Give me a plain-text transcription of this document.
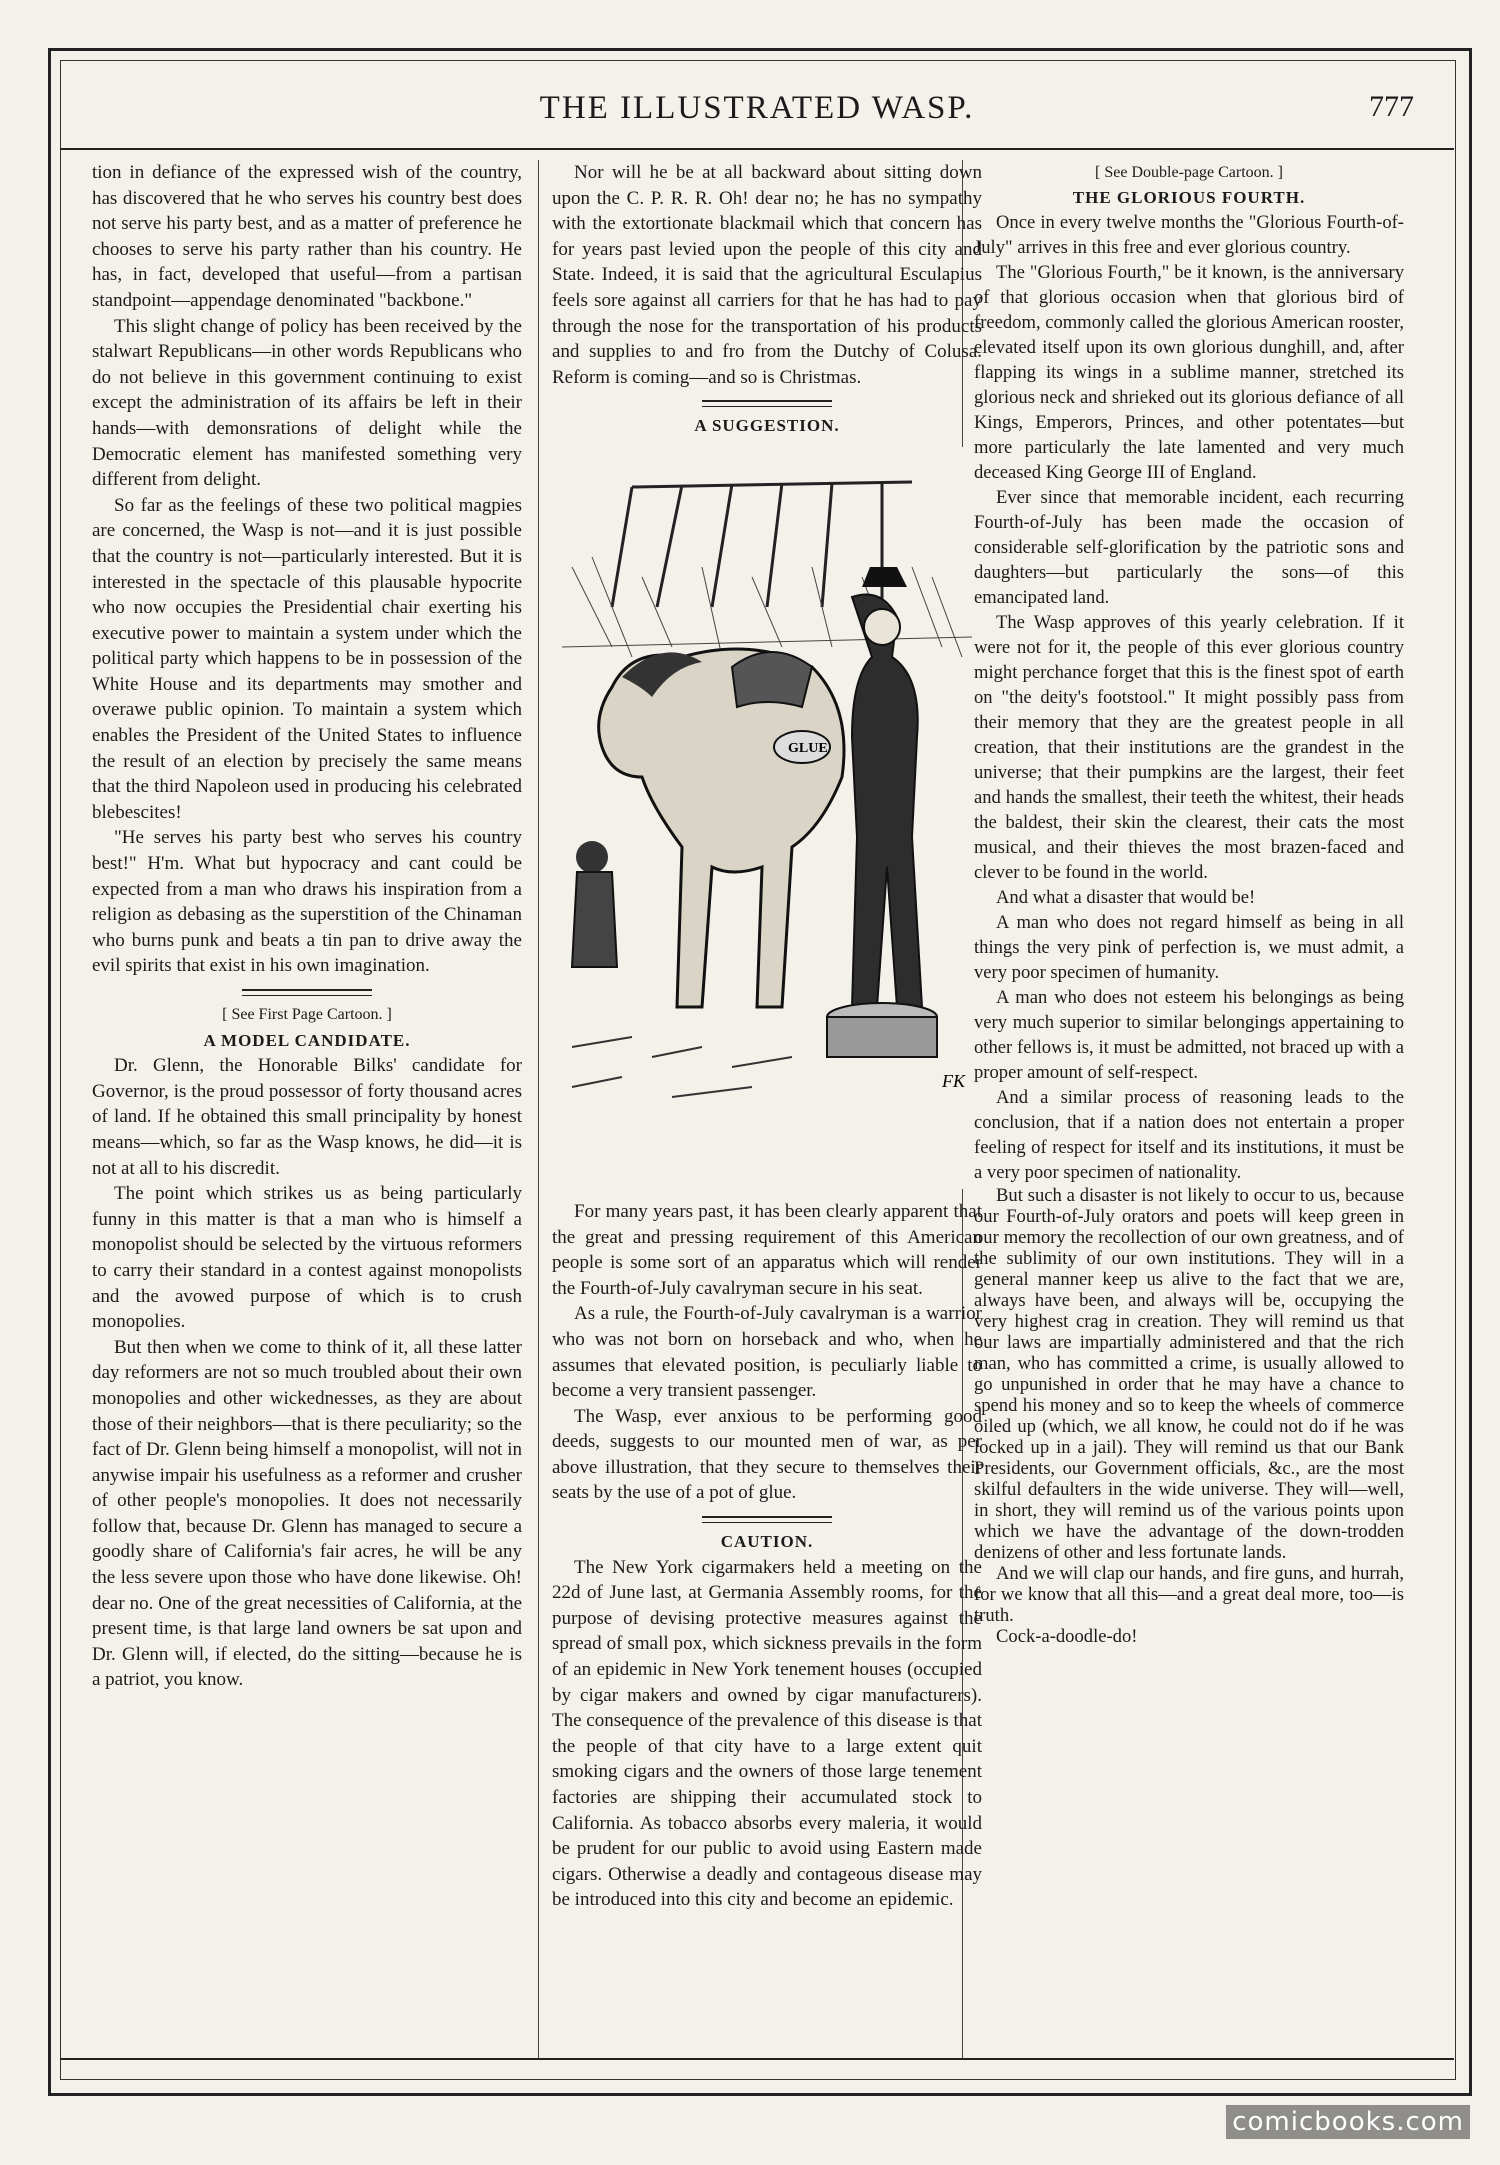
THE ILLUSTRATED WASP.	777

tion in defiance of the expressed wish of the country, has discovered that he who serves his country best does not serve his party best, and as a matter of preference he chooses to serve his party rather than his country. He has, in fact, developed that useful—from a partisan standpoint—appendage denominated "backbone."

This slight change of policy has been received by the stalwart Republicans—in other words Republicans who do not believe in this government continuing to exist except the administration of its affairs be left in their hands—with demonsrations of delight while the Democratic element has manifested something very different from delight.

So far as the feelings of these two political magpies are concerned, the Wasp is not—and it is just possible that the country is not—particularly interested. But it is interested in the spectacle of this plausable hypocrite who now occupies the Presidential chair exerting his executive power to maintain a system under which the political party which happens to be in possession of the White House and its departments may smother and overawe public opinion. To maintain a system which enables the President of the United States to influence the result of an election by precisely the same means that the third Napoleon used in producing his celebrated blebescites!

"He serves his party best who serves his country best!" H'm. What but hypocracy and cant could be expected from a man who draws his inspiration from a religion as debasing as the superstition of the Chinaman who burns punk and beats a tin pan to drive away the evil spirits that exist in his own imagination.

[ See First Page Cartoon. ]

A MODEL CANDIDATE.

Dr. Glenn, the Honorable Bilks' candidate for Governor, is the proud possessor of forty thousand acres of land. If he obtained this small principality by honest means—which, so far as the Wasp knows, he did—it is not at all to his discredit.

The point which strikes us as being particularly funny in this matter is that a man who is himself a monopolist should be selected by the virtuous reformers to carry their standard in a contest against monopolists and the avowed purpose of which is to crush monopolies.

But then when we come to think of it, all these latter day reformers are not so much troubled about their own monopolies and other wickednesses, as they are about those of their neighbors—that is there peculiarity; so the fact of Dr. Glenn being himself a monopolist, will not in anywise impair his usefulness as a reformer and crusher of other people's monopolies. It does not necessarily follow that, because Dr. Glenn has managed to secure a goodly share of California's fair acres, he will be any the less severe upon those who have done likewise. Oh! dear no. One of the great necessities of California, at the present time, is that large land owners be sat upon and Dr. Glenn will, if elected, do the sitting—because he is a patriot, you know.

Nor will he be at all backward about sitting down upon the C. P. R. R. Oh! dear no; he has no sympathy with the extortionate blackmail which that concern has for years past levied upon the people of this city and State. Indeed, it is said that the agricultural Esculapius feels sore against all carriers for that he has had to pay through the nose for the transportation of his products and supplies to and fro from the Dutchy of Colusa. Reform is coming—and so is Christmas.

A SUGGESTION.

GLUE
FK

For many years past, it has been clearly apparent that the great and pressing requirement of this American people is some sort of an apparatus which will render the Fourth-of-July cavalryman secure in his seat.

As a rule, the Fourth-of-July cavalryman is a warrior who was not born on horseback and who, when he assumes that elevated position, is peculiarly liable to become a very transient passenger.

The Wasp, ever anxious to be performing good deeds, suggests to our mounted men of war, as per above illustration, that they secure to themselves their seats by the use of a pot of glue.

CAUTION.

The New York cigarmakers held a meeting on the 22d of June last, at Germania Assembly rooms, for the purpose of devising protective measures against the spread of small pox, which sickness prevails in the form of an epidemic in New York tenement houses (occupied by cigar makers and owned by cigar manufacturers). The consequence of the prevalence of this disease is that the people of that city have to a large extent quit smoking cigars and the owners of those large tenement factories are shipping their accumulated stock to California. As tobacco absorbs every maleria, it would be prudent for our public to avoid using Eastern made cigars. Otherwise a deadly and contageous disease may be introduced into this city and become an epidemic.

[ See Double-page Cartoon. ]

THE GLORIOUS FOURTH.

Once in every twelve months the "Glorious Fourth-of-July" arrives in this free and ever glorious country.

The "Glorious Fourth," be it known, is the anniversary of that glorious occasion when that glorious bird of freedom, commonly called the glorious American rooster, elevated itself upon its own glorious dunghill, and, after flapping its wings in a sublime manner, stretched its glorious neck and shrieked out its glorious defiance of all Kings, Emperors, Princes, and other potentates—but more particularly the late lamented and very much deceased King George III of England.

Ever since that memorable incident, each recurring Fourth-of-July has been made the occasion of considerable self-glorification by the patriotic sons and daughters—but particularly the sons—of this emancipated land.

The Wasp approves of this yearly celebration. If it were not for it, the people of this ever glorious country might perchance forget that this is the finest spot of earth on "the deity's footstool." It might possibly pass from their memory that they are the greatest people in all creation, that their institutions are the grandest in the universe; that their pumpkins are the largest, their feet and hands the smallest, their teeth the whitest, their heads the baldest, their skin the clearest, their cats the most musical, and their thieves the most brazen-faced and clever to be found in the world.

And what a disaster that would be!

A man who does not regard himself as being in all things the very pink of perfection is, we must admit, a very poor specimen of humanity.

A man who does not esteem his belongings as being very much superior to similar belongings appertaining to other fellows is, it must be admitted, not braced up with a proper amount of self-respect.

And a similar process of reasoning leads to the conclusion, that if a nation does not entertain a proper feeling of respect for itself and its institutions, it must be a very poor specimen of nationality.

But such a disaster is not likely to occur to us, because our Fourth-of-July orators and poets will keep green in our memory the recollection of our own greatness, and of the sublimity of our own institutions. They will in a general manner keep us alive to the fact that we are, always have been, and always will be, occupying the very highest crag in creation. They will remind us that our laws are impartially administered and that the rich man, who has committed a crime, is usually allowed to go unpunished in order that he may have a chance to spend his money and so to keep the wheels of commerce oiled up (which, we all know, he could not do if he was locked up in a jail). They will remind us that our Bank Presidents, our Government officials, &c., are the most skilful defaulters in the wide universe. They will—well, in short, they will remind us of the various points upon which we have the advantage of the down-trodden denizens of other and less fortunate lands.

And we will clap our hands, and fire guns, and hurrah, for we know that all this—and a great deal more, too—is truth.

Cock-a-doodle-do!

comicbooks.com
